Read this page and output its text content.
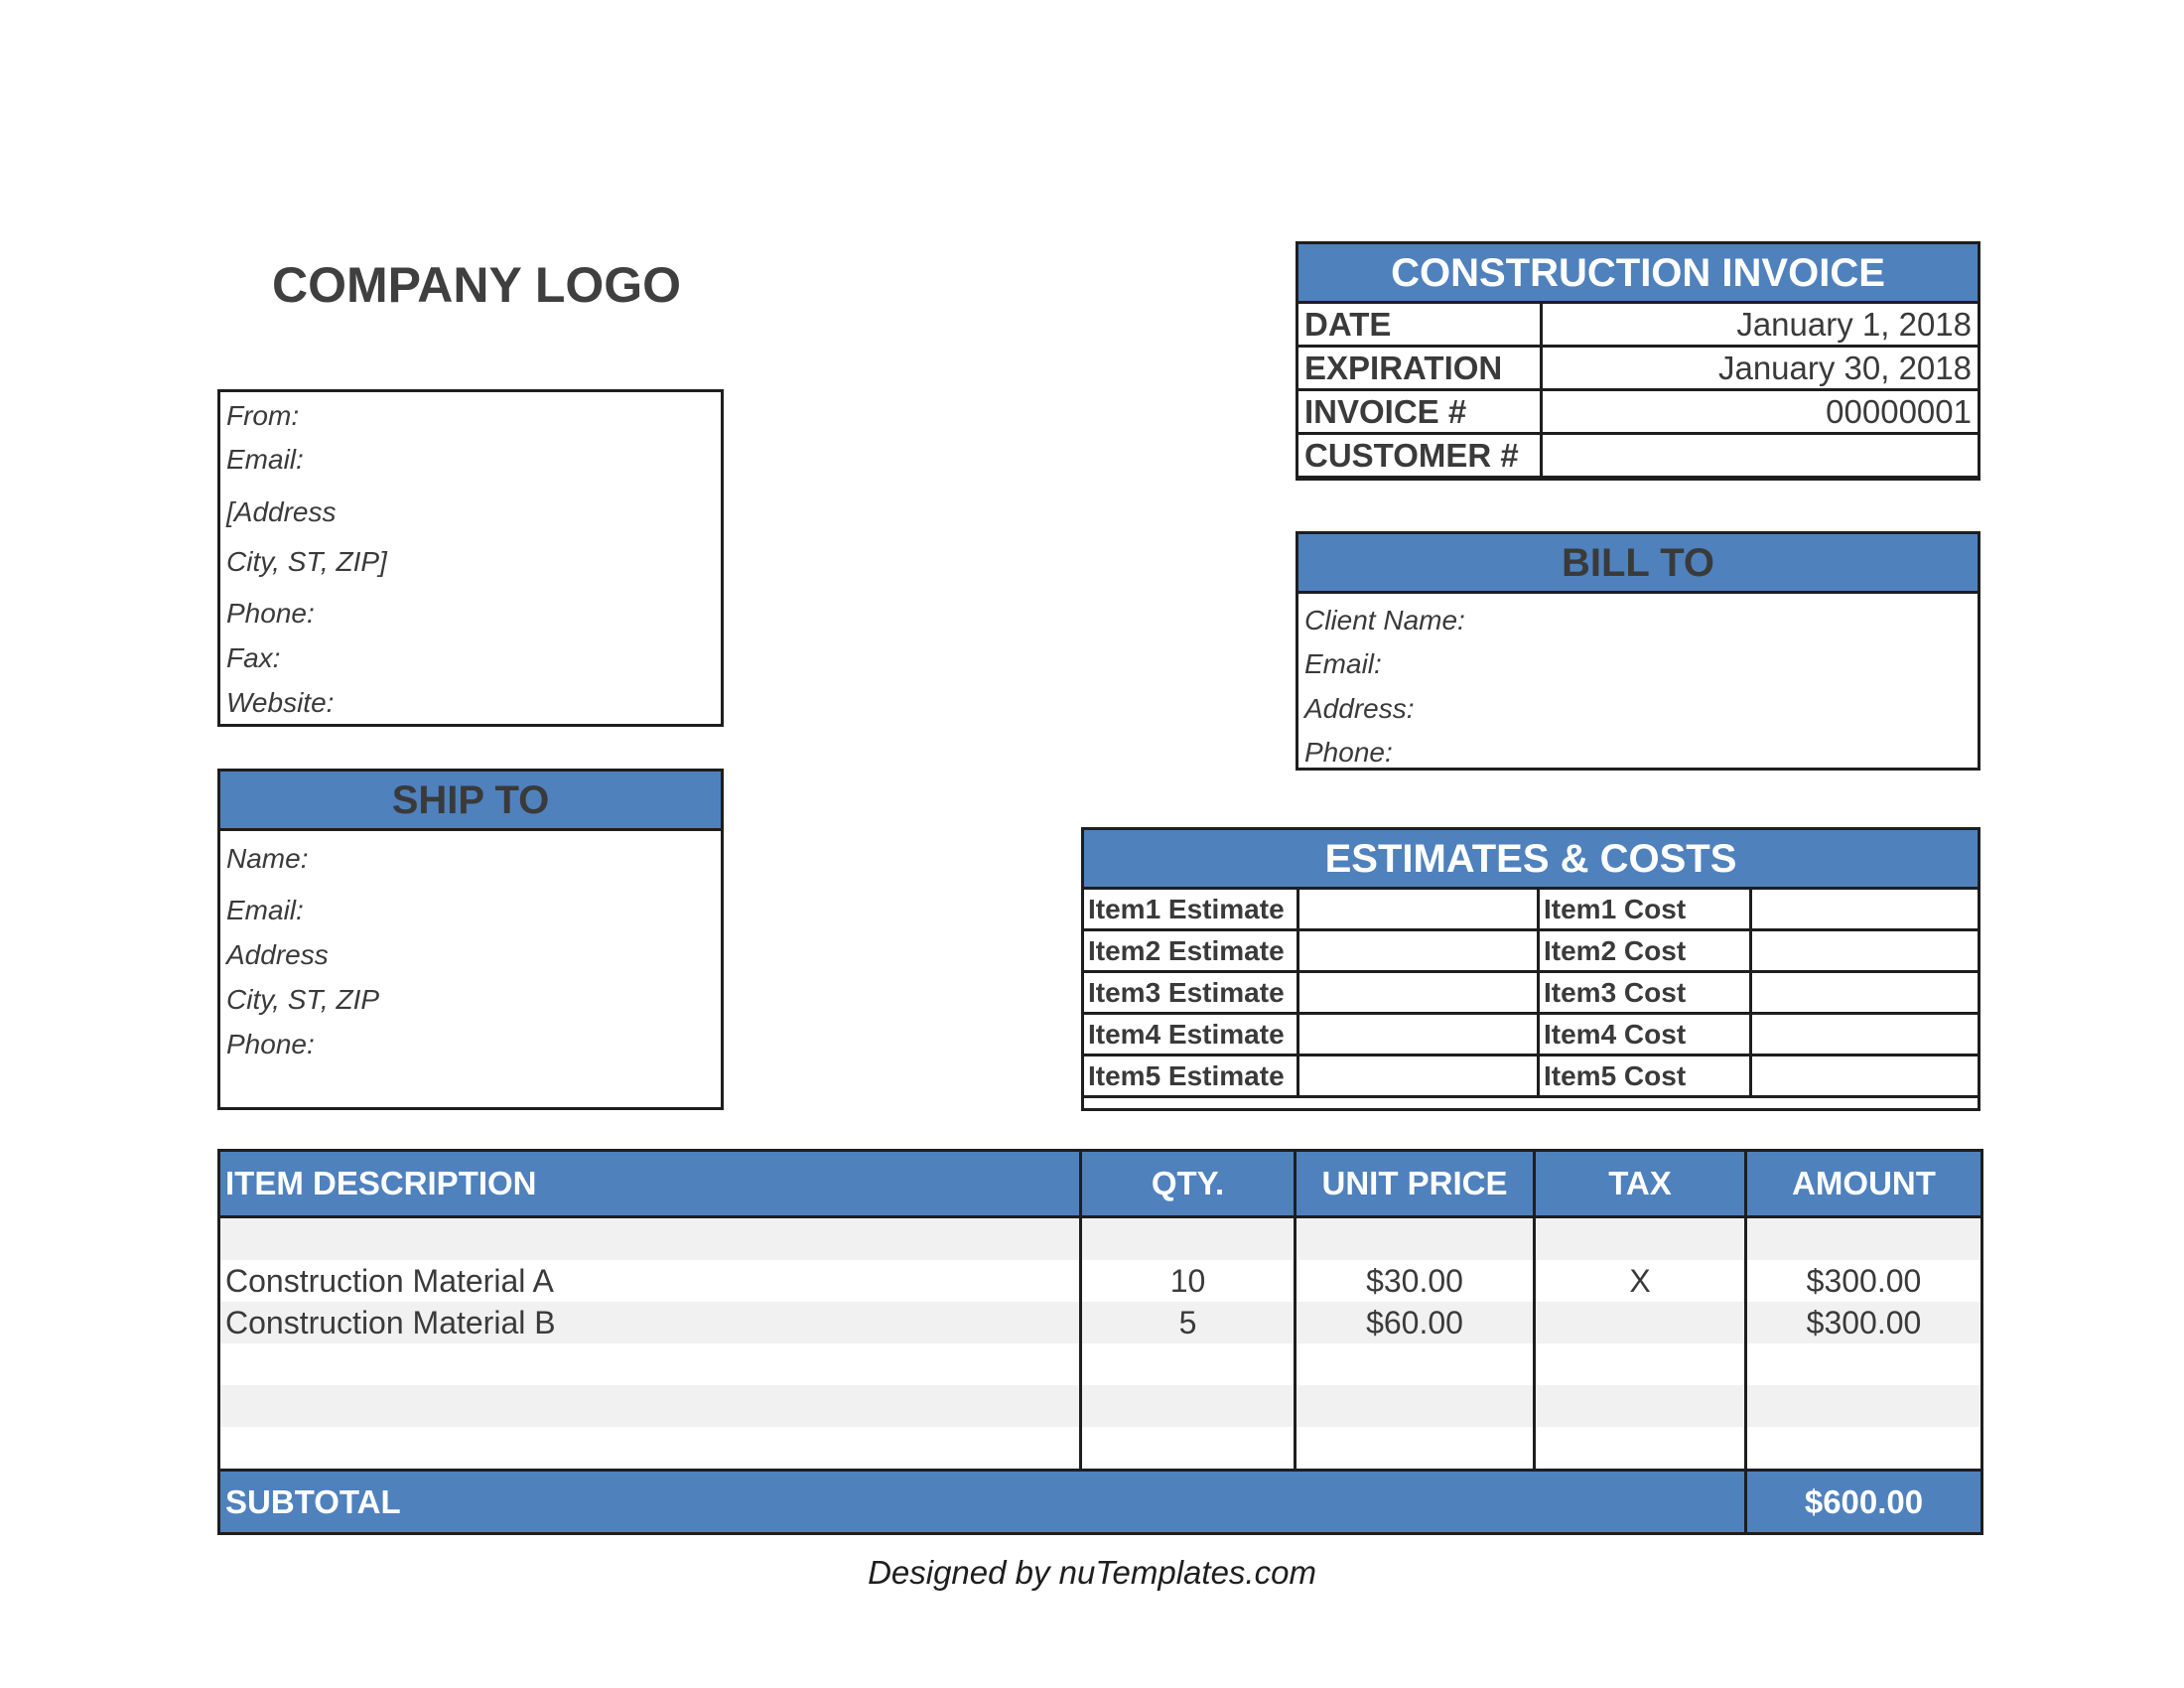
COMPANY LOGO
From:
Email:
[Address
City, ST, ZIP]
Phone:
Fax:
Website:
CONSTRUCTION INVOICE
DATE	January 1, 2018
EXPIRATION	January 30, 2018
INVOICE #	00000001
CUSTOMER #	
BILL TO
Client Name:
Email:
Address:
Phone:
SHIP TO
Name:
Email:
Address
City, ST, ZIP
Phone:
ESTIMATES & COSTS
Item1 Estimate		Item1 Cost	
Item2 Estimate		Item2 Cost	
Item3 Estimate		Item3 Cost	
Item4 Estimate		Item4 Cost	
Item5 Estimate		Item5 Cost	
ITEM DESCRIPTION	QTY.	UNIT PRICE	TAX	AMOUNT

Construction Material A	10	$30.00	X	$300.00
Construction Material B	5	$60.00		$300.00

SUBTOTAL				$600.00
Designed by nuTemplates.com
